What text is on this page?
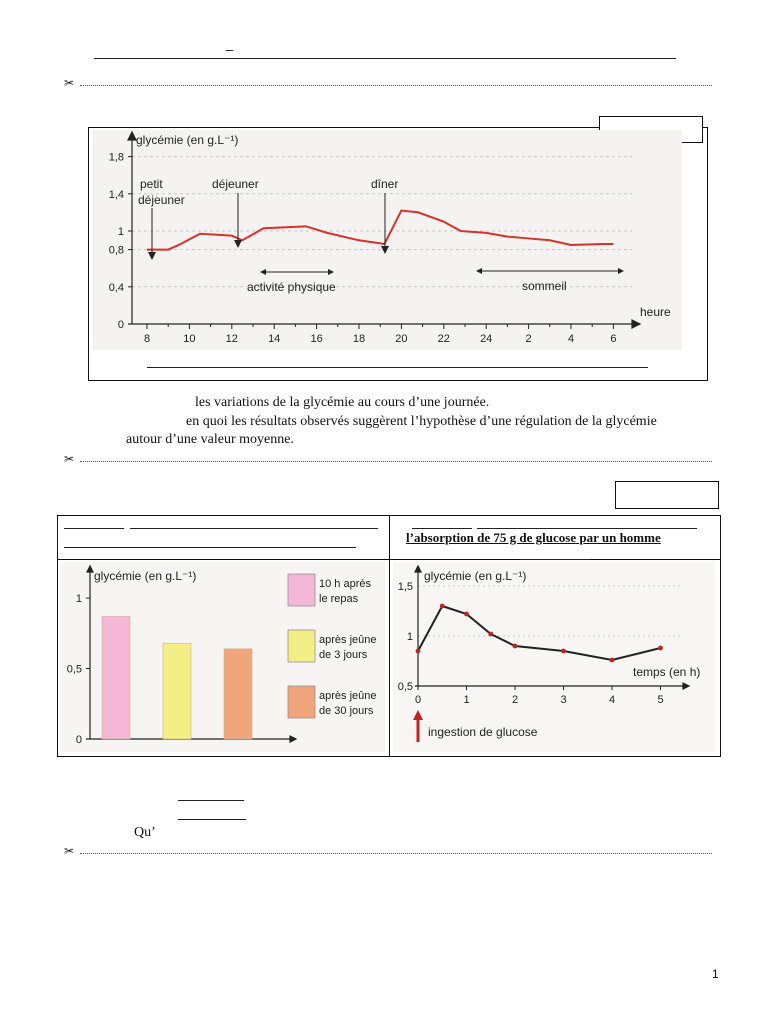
–
✂
0
0,4
0,8
1
1,4
1,8
8	10	12	14	16	18	20	22	24	2	4	6
glycémie (en g.L⁻¹)
heure
petit
déjeuner
déjeuner	dîner
activité physique	sommeil
les variations de la glycémie au cours d’une journée.
en quoi les résultats observés suggèrent l’hypothèse d’une régulation de la glycémie
autour d’une valeur moyenne.
✂
l’absorption de 75 g de glucose par un homme
glycémie (en g.L⁻¹)
0
0,5
1
10 h après
le repas
après jeûne
de 3 jours
après jeûne
de 30 jours
glycémie (en g.L⁻¹)
temps (en h)
0,5
1
1,5
0	1	2	3	4	5
ingestion de glucose
Qu’
✂
1
